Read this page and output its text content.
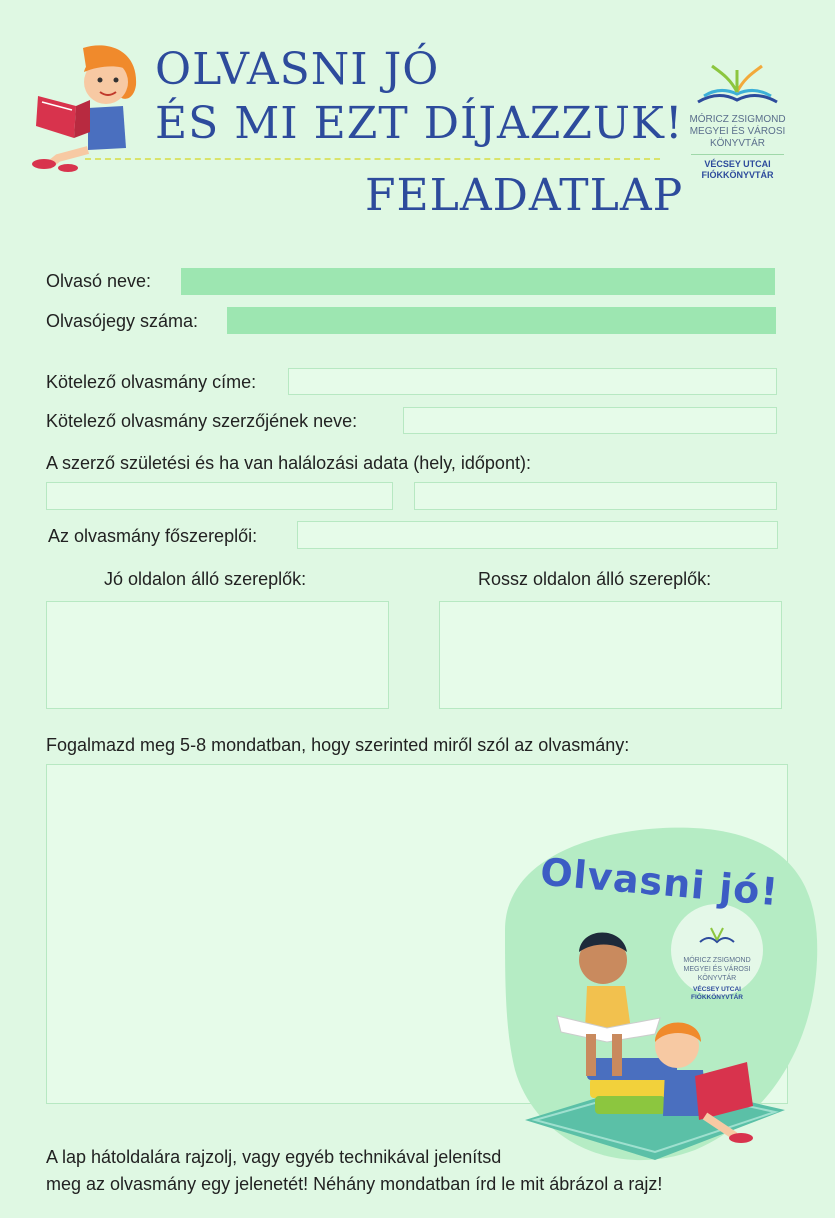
OLVASNI JÓ
ÉS MI EZT DÍJAZZUK!
FELADATLAP
MÓRICZ ZSIGMOND
MEGYEI ÉS VÁROSI
KÖNYVTÁR
VÉCSEY UTCAI
FIÓKKÖNYVTÁR
Olvasó neve:
Olvasójegy száma:
Kötelező olvasmány címe:
Kötelező olvasmány szerzőjének neve:
A szerző születési és ha van halálozási adata (hely, időpont):
Az olvasmány főszereplői:
Jó oldalon álló szereplők:	Rossz oldalon álló szereplők:
Fogalmazd meg 5-8 mondatban, hogy szerinted miről szól az olvasmány:
MÓRICZ ZSIGMOND
MEGYEI ÉS VÁROSI
KÖNYVTÁR
VÉCSEY UTCAI
FIÓKKÖNYVTÁR
Olvasni jó!
A lap hátoldalára rajzolj, vagy egyéb technikával jelenítsd
meg az olvasmány egy jelenetét! Néhány mondatban írd le mit ábrázol a rajz!
